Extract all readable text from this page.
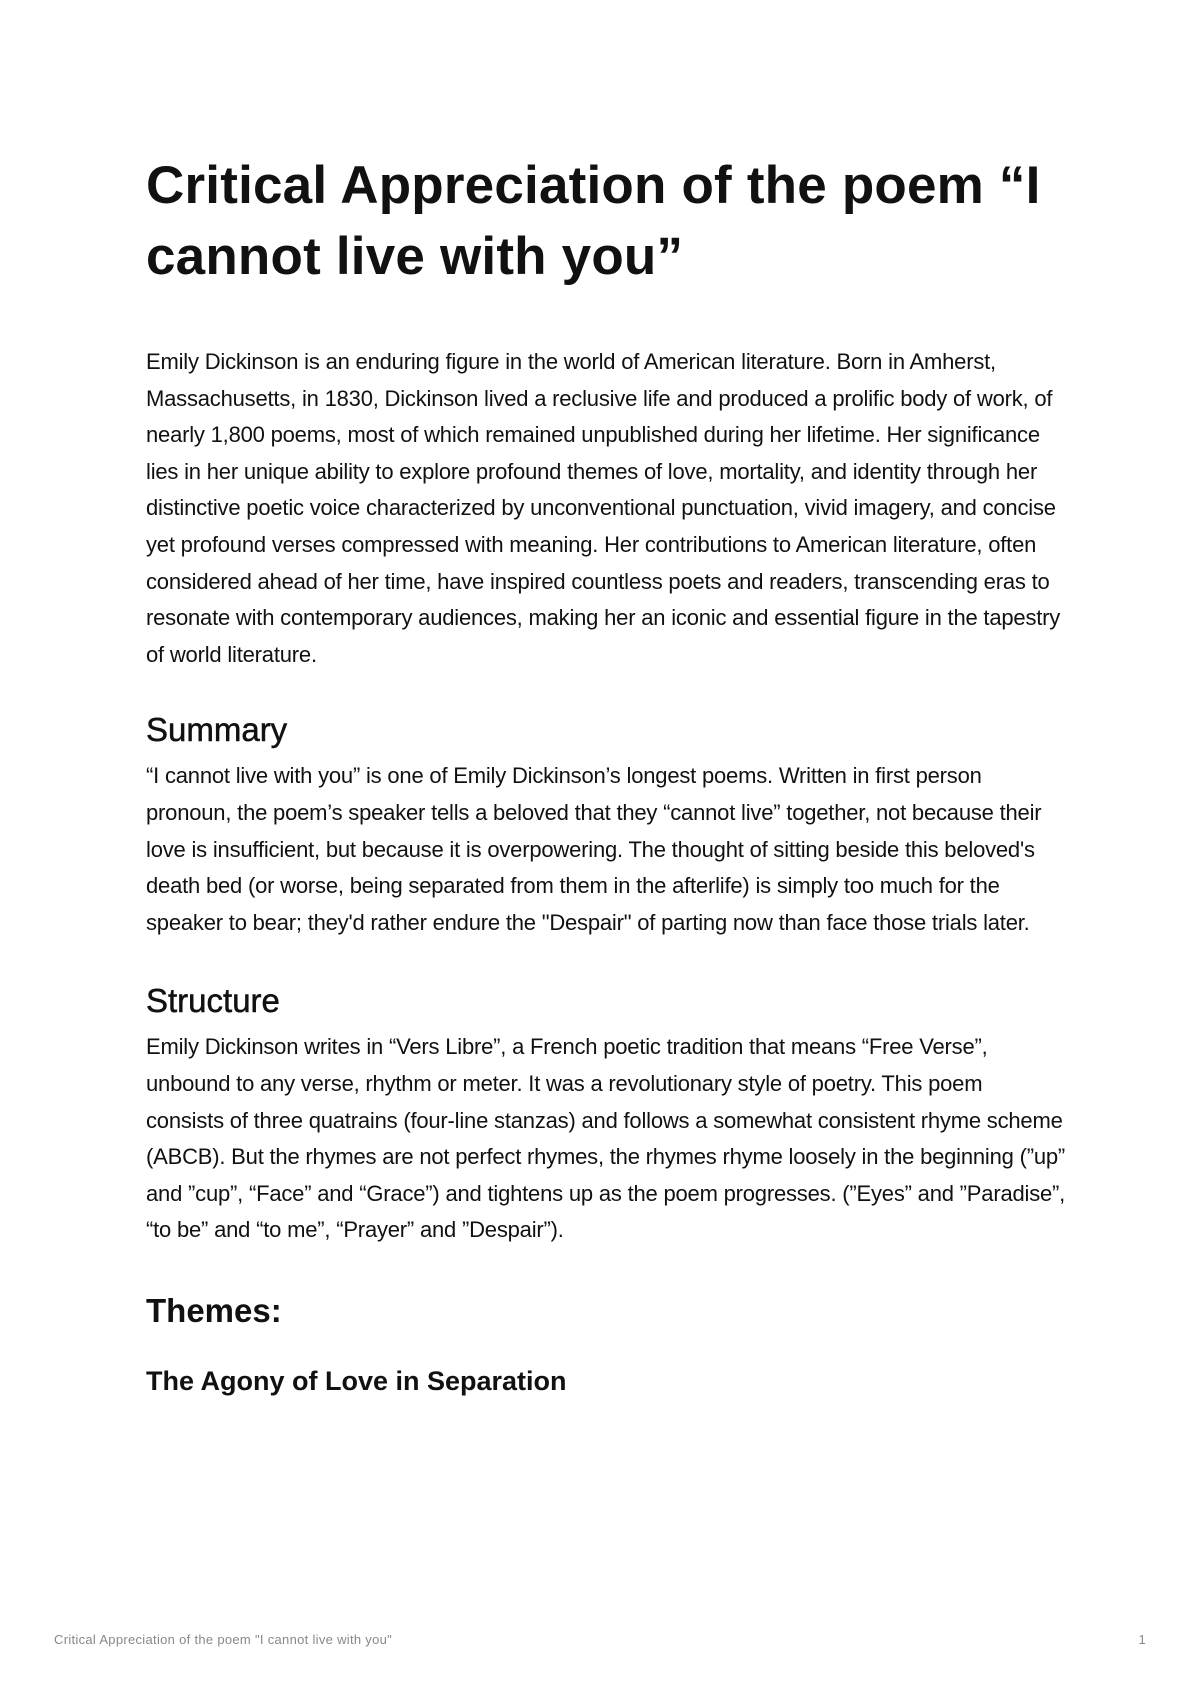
Critical Appreciation of the poem “I cannot live with you”

Emily Dickinson is an enduring figure in the world of American literature. Born in Amherst, Massachusetts, in 1830, Dickinson lived a reclusive life and produced a prolific body of work, of nearly 1,800 poems, most of which remained unpublished during her lifetime. Her significance lies in her unique ability to explore profound themes of love, mortality, and identity through her distinctive poetic voice characterized by unconventional punctuation, vivid imagery, and concise yet profound verses compressed with meaning. Her contributions to American literature, often considered ahead of her time, have inspired countless poets and readers, transcending eras to resonate with contemporary audiences, making her an iconic and essential figure in the tapestry of world literature.

Summary

“I cannot live with you” is one of Emily Dickinson’s longest poems. Written in first person pronoun, the poem’s speaker tells a beloved that they “cannot live” together, not because their love is insufficient, but because it is overpowering. The thought of sitting beside this beloved's death bed (or worse, being separated from them in the afterlife) is simply too much for the speaker to bear; they'd rather endure the "Despair" of parting now than face those trials later.

Structure

Emily Dickinson writes in “Vers Libre”, a French poetic tradition that means “Free Verse”, unbound to any verse, rhythm or meter. It was a revolutionary style of poetry. This poem consists of three quatrains (four-line stanzas) and follows a somewhat consistent rhyme scheme (ABCB). But the rhymes are not perfect rhymes, the rhymes rhyme loosely in the beginning (”up” and ”cup”, “Face” and “Grace”) and tightens up as the poem progresses. (”Eyes” and ”Paradise”, “to be” and “to me”, “Prayer” and ”Despair”).

Themes:
The Agony of Love in Separation
Critical Appreciation of the poem "I cannot live with you"	1
